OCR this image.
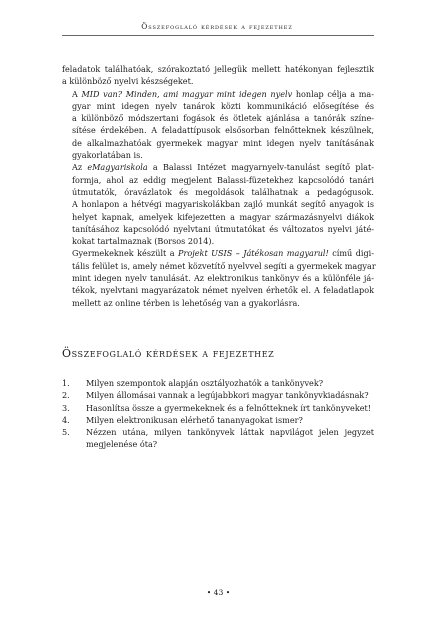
Összefoglaló kérdések a fejezethez

feladatok találhatóak, szórakoztató jellegük mellett hatékonyan fejlesztik
a különböző nyelvi készségeket.

A MID van? Minden, ami magyar mint idegen nyelv honlap célja a ma-
gyar mint idegen nyelv tanárok közti kommunikáció elősegítése és
a különböző módszertani fogások és ötletek ajánlása a tanórák színe-
sítése érdekében. A feladattípusok elsősorban felnőtteknek készülnek,
de alkalmazhatóak gyermekek magyar mint idegen nyelv tanításának
gyakorlatában is.

Az eMagyariskola a Balassi Intézet magyarnyelv-tanulást segítő plat-
formja, ahol az eddig megjelent Balassi-füzetekhez kapcsolódó tanári
útmutatók, óravázlatok és megoldások találhatnak a pedagógusok.
A honlapon a hétvégi magyariskolákban zajló munkát segítő anyagok is
helyet kapnak, amelyek kifejezetten a magyar származásnyelvi diákok
tanításához kapcsolódó nyelvtani útmutatókat és változatos nyelvi játé-
kokat tartalmaznak (Borsos 2014).

Gyermekeknek készült a Projekt USIS – Játékosan magyarul! című digi-
tális felület is, amely német közvetítő nyelvvel segíti a gyermekek magyar
mint idegen nyelv tanulását. Az elektronikus tankönyv és a különféle já-
tékok, nyelvtani magyarázatok német nyelven érhetők el. A feladatlapok
mellett az online térben is lehetőség van a gyakorlásra.

Összefoglaló kérdések a fejezethez
1. Milyen szempontok alapján osztályozhatók a tankönyvek?
2. Milyen állomásai vannak a legújabbkori magyar tankönyvkiadásnak?
3. Hasonlítsa össze a gyermekeknek és a felnőtteknek írt tankönyveket!
4. Milyen elektronikusan elérhető tananyagokat ismer?
5. Nézzen utána, milyen tankönyvek láttak napvilágot jelen jegyzet
megjelenése óta?
• 43 •
